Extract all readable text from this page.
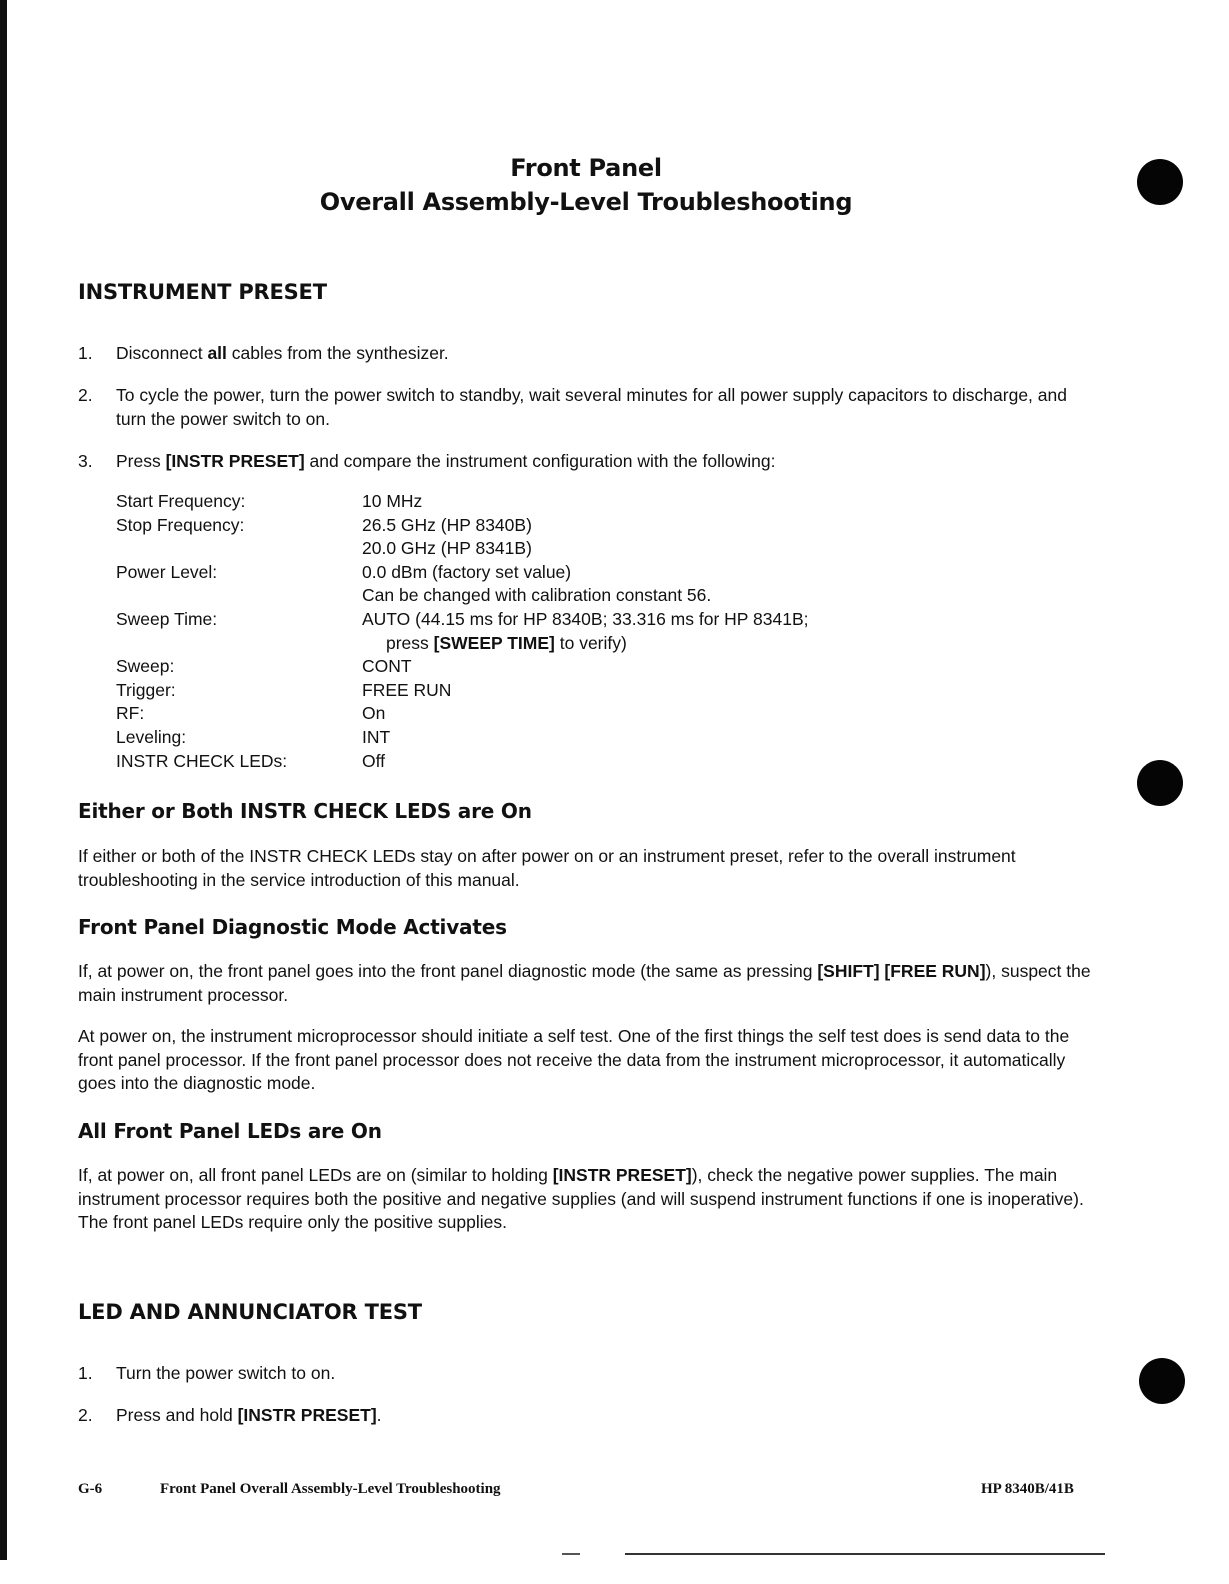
Front Panel
Overall Assembly-Level Troubleshooting
INSTRUMENT PRESET
1.	Disconnect all cables from the synthesizer.
2.	To cycle the power, turn the power switch to standby, wait several minutes for all power supply capacitors to discharge, and turn the power switch to on.
3.	Press [INSTR PRESET] and compare the instrument configuration with the following:
Start Frequency:	10 MHz
Stop Frequency:	26.5 GHz (HP 8340B)
20.0 GHz (HP 8341B)
Power Level:	0.0 dBm (factory set value)
Can be changed with calibration constant 56.
Sweep Time:	AUTO (44.15 ms for HP 8340B; 33.316 ms for HP 8341B;
press [SWEEP TIME] to verify)
Sweep:	CONT
Trigger:	FREE RUN
RF:	On
Leveling:	INT
INSTR CHECK LEDs:	Off
Either or Both INSTR CHECK LEDS are On
If either or both of the INSTR CHECK LEDs stay on after power on or an instrument preset, refer to the overall instrument troubleshooting in the service introduction of this manual.
Front Panel Diagnostic Mode Activates
If, at power on, the front panel goes into the front panel diagnostic mode (the same as pressing [SHIFT] [FREE RUN]), suspect the main instrument processor.
At power on, the instrument microprocessor should initiate a self test. One of the first things the self test does is send data to the front panel processor. If the front panel processor does not receive the data from the instrument microprocessor, it automatically goes into the diagnostic mode.
All Front Panel LEDs are On
If, at power on, all front panel LEDs are on (similar to holding [INSTR PRESET]), check the negative power supplies. The main instrument processor requires both the positive and negative supplies (and will suspend instrument functions if one is inoperative). The front panel LEDs require only the positive supplies.
LED AND ANNUNCIATOR TEST
1.	Turn the power switch to on.
2.	Press and hold [INSTR PRESET].
G-6	Front Panel Overall Assembly-Level Troubleshooting	HP 8340B/41B
